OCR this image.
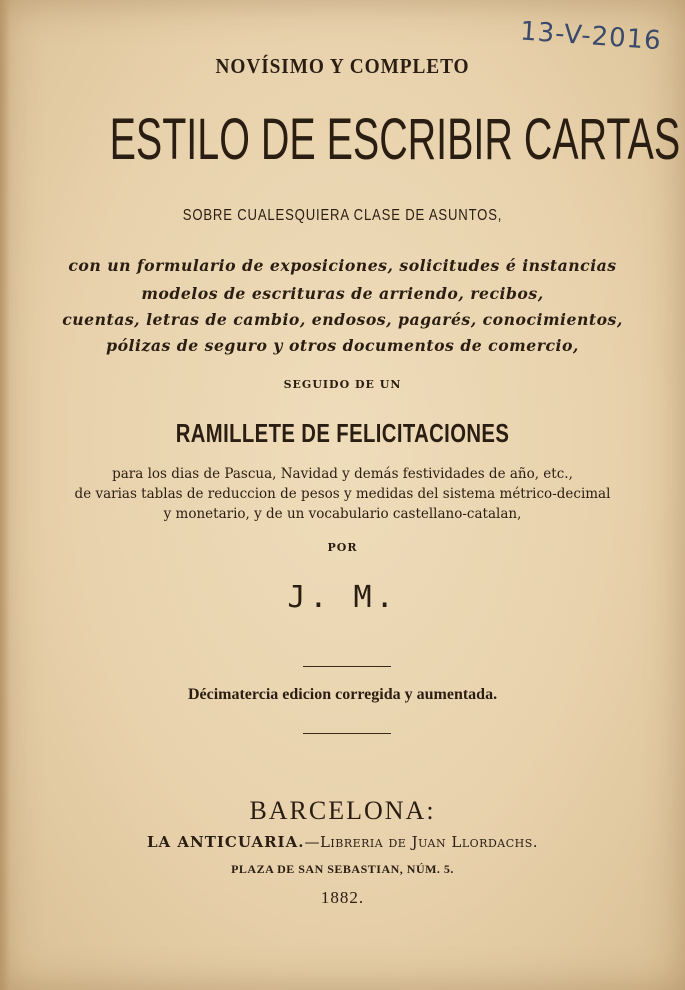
13-V-2016
NOVÍSIMO Y COMPLETO
ESTILO DE ESCRIBIR CARTAS
SOBRE CUALESQUIERA CLASE DE ASUNTOS,
con un formulario de exposiciones, solicitudes é instancias
modelos de escrituras de arriendo, recibos,
cuentas, letras de cambio, endosos, pagarés, conocimientos,
pólizas de seguro y otros documentos de comercio,
SEGUIDO DE UN
RAMILLETE DE FELICITACIONES
para los dias de Pascua, Navidad y demás festividades de año, etc.,
de varias tablas de reduccion de pesos y medidas del sistema métrico-decimal
y monetario, y de un vocabulario castellano-catalan,
POR
J. M.
Décimatercia edicion corregida y aumentada.
BARCELONA:
LA ANTICUARIA.—Libreria de Juan Llordachs.
PLAZA DE SAN SEBASTIAN, NÚM. 5.
1882.
